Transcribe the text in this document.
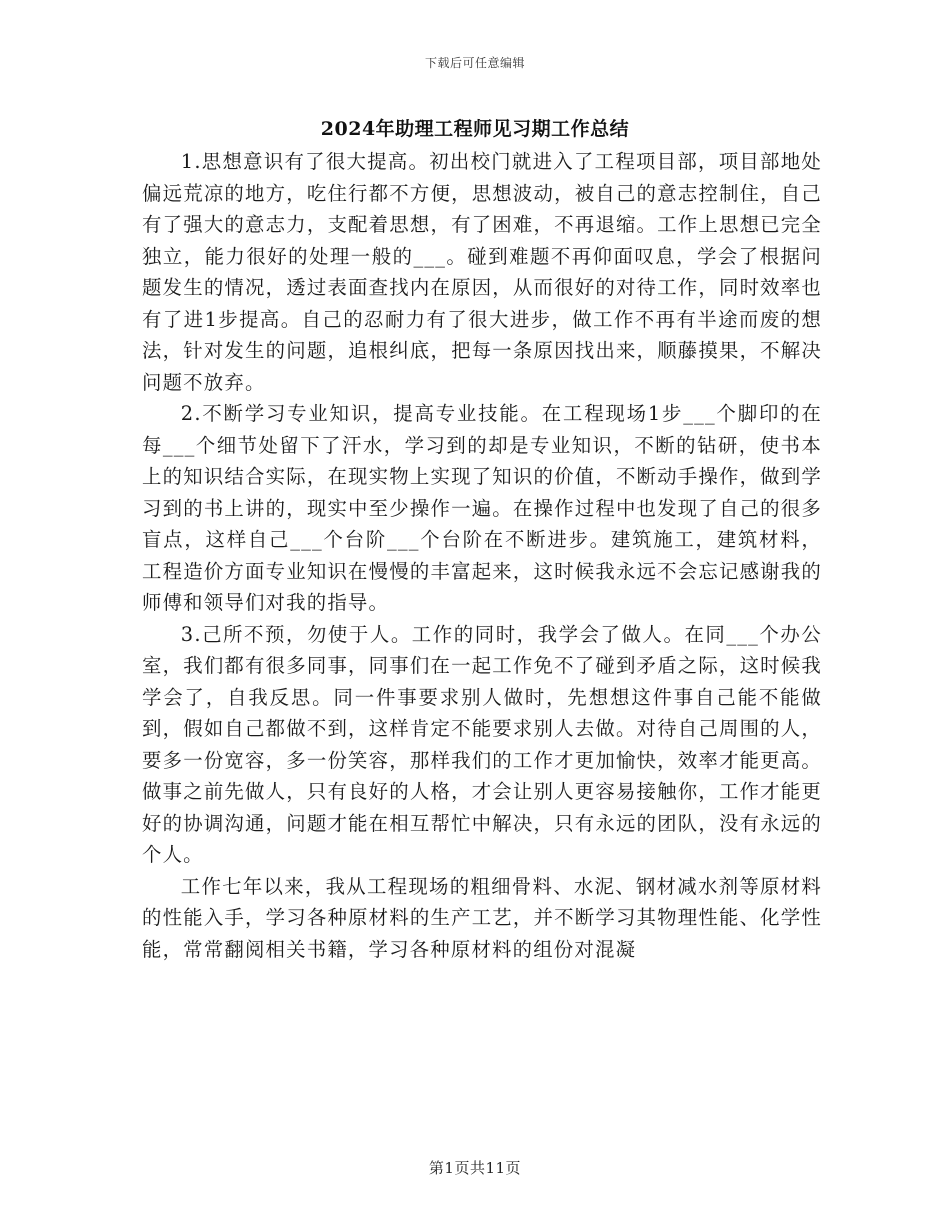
下载后可任意编辑
2024年助理工程师见习期工作总结

1.思想意识有了很大提高。初出校门就进入了工程项目部，项目部地处偏远荒凉的地方，吃住行都不方便，思想波动，被自己的意志控制住，自己有了强大的意志力，支配着思想，有了困难，不再退缩。工作上思想已完全独立，能力很好的处理一般的___。碰到难题不再仰面叹息，学会了根据问题发生的情况，透过表面查找内在原因，从而很好的对待工作，同时效率也有了进1步提高。自己的忍耐力有了很大进步，做工作不再有半途而废的想法，针对发生的问题，追根纠底，把每一条原因找出来，顺藤摸果，不解决问题不放弃。

2.不断学习专业知识，提高专业技能。在工程现场1步___个脚印的在每___个细节处留下了汗水，学习到的却是专业知识，不断的钻研，使书本上的知识结合实际，在现实物上实现了知识的价值，不断动手操作，做到学习到的书上讲的，现实中至少操作一遍。在操作过程中也发现了自己的很多盲点，这样自己___个台阶___个台阶在不断进步。建筑施工，建筑材料，工程造价方面专业知识在慢慢的丰富起来，这时候我永远不会忘记感谢我的师傅和领导们对我的指导。

3.己所不预，勿使于人。工作的同时，我学会了做人。在同___个办公室，我们都有很多同事，同事们在一起工作免不了碰到矛盾之际，这时候我学会了，自我反思。同一件事要求别人做时，先想想这件事自己能不能做到，假如自己都做不到，这样肯定不能要求别人去做。对待自己周围的人，要多一份宽容，多一份笑容，那样我们的工作才更加愉快，效率才能更高。做事之前先做人，只有良好的人格，才会让别人更容易接触你，工作才能更好的协调沟通，问题才能在相互帮忙中解决，只有永远的团队，没有永远的个人。

工作七年以来，我从工程现场的粗细骨料、水泥、钢材减水剂等原材料的性能入手，学习各种原材料的生产工艺，并不断学习其物理性能、化学性能，常常翻阅相关书籍，学习各种原材料的组份对混凝

第1页共11页
